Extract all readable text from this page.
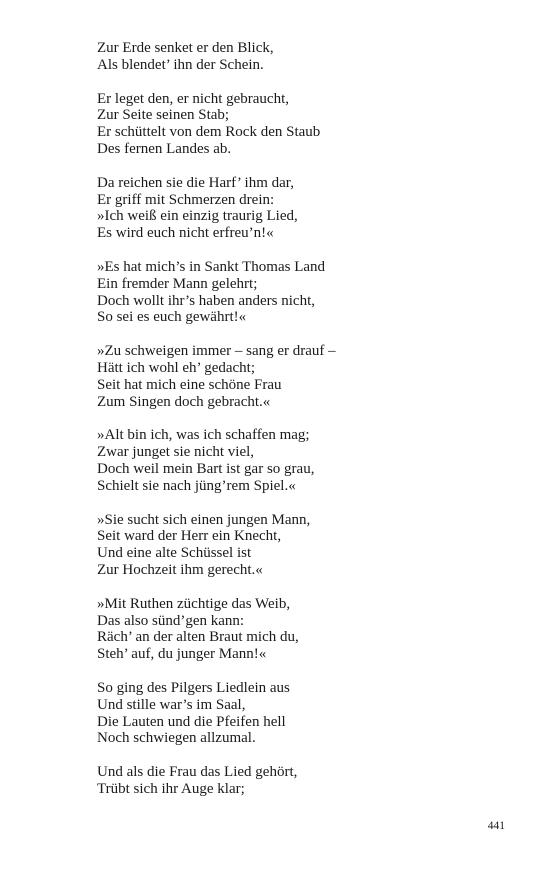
Zur Erde senket er den Blick,
Als blendet’ ihn der Schein.
Er leget den, er nicht gebraucht,
Zur Seite seinen Stab;
Er schüttelt von dem Rock den Staub
Des fernen Landes ab.
Da reichen sie die Harf’ ihm dar,
Er griff mit Schmerzen drein:
»Ich weiß ein einzig traurig Lied,
Es wird euch nicht erfreu’n!«
»Es hat mich’s in Sankt Thomas Land
Ein fremder Mann gelehrt;
Doch wollt ihr’s haben anders nicht,
So sei es euch gewährt!«
»Zu schweigen immer – sang er drauf –
Hätt ich wohl eh’ gedacht;
Seit hat mich eine schöne Frau
Zum Singen doch gebracht.«
»Alt bin ich, was ich schaffen mag;
Zwar junget sie nicht viel,
Doch weil mein Bart ist gar so grau,
Schielt sie nach jüng’rem Spiel.«
»Sie sucht sich einen jungen Mann,
Seit ward der Herr ein Knecht,
Und eine alte Schüssel ist
Zur Hochzeit ihm gerecht.«
»Mit Ruthen züchtige das Weib,
Das also sünd’gen kann:
Räch’ an der alten Braut mich du,
Steh’ auf, du junger Mann!«
So ging des Pilgers Liedlein aus
Und stille war’s im Saal,
Die Lauten und die Pfeifen hell
Noch schwiegen allzumal.
Und als die Frau das Lied gehört,
Trübt sich ihr Auge klar;
441
